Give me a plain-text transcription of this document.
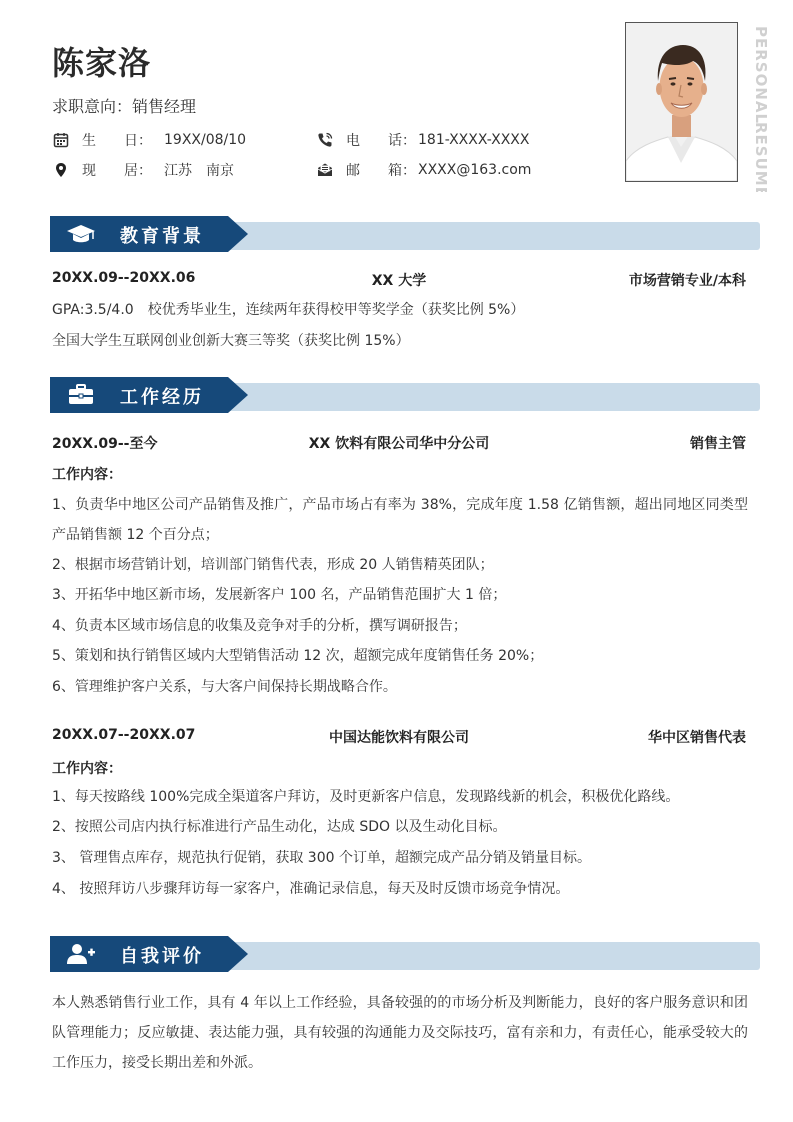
陈家洛
求职意向：销售经理
生　　日： 19XX/08/10	电　　话： 181-XXXX-XXXX
现　　居： 江苏　南京	邮　　箱： XXXX@163.com
PERSONAL
RESUME
教育背景
20XX.09--20XX.06	XX 大学	市场营销专业/本科
GPA:3.5/4.0　校优秀毕业生，连续两年获得校甲等奖学金（获奖比例 5%）
全国大学生互联网创业创新大赛三等奖（获奖比例 15%）
工作经历
20XX.09--至今	XX 饮料有限公司华中分公司	销售主管
工作内容：
1、负责华中地区公司产品销售及推广，产品市场占有率为 38%，完成年度 1.58 亿销售额，超出同地区同类型产品销售额 12 个百分点；
2、根据市场营销计划，培训部门销售代表，形成 20 人销售精英团队；
3、开拓华中地区新市场，发展新客户 100 名，产品销售范围扩大 1 倍；
4、负责本区域市场信息的收集及竞争对手的分析，撰写调研报告；
5、策划和执行销售区域内大型销售活动 12 次，超额完成年度销售任务 20%；
6、管理维护客户关系，与大客户间保持长期战略合作。
20XX.07--20XX.07	中国达能饮料有限公司	华中区销售代表
工作内容：
1、每天按路线 100%完成全渠道客户拜访，及时更新客户信息，发现路线新的机会，积极优化路线。
2、按照公司店内执行标准进行产品生动化，达成 SDO 以及生动化目标。
3、 管理售点库存，规范执行促销，获取 300 个订单，超额完成产品分销及销量目标。
4、 按照拜访八步骤拜访每一家客户，准确记录信息，每天及时反馈市场竞争情况。
自我评价
本人熟悉销售行业工作，具有 4 年以上工作经验，具备较强的的市场分析及判断能力，良好的客户服务意识和团队管理能力；反应敏捷、表达能力强，具有较强的沟通能力及交际技巧，富有亲和力，有责任心，能承受较大的工作压力，接受长期出差和外派。
